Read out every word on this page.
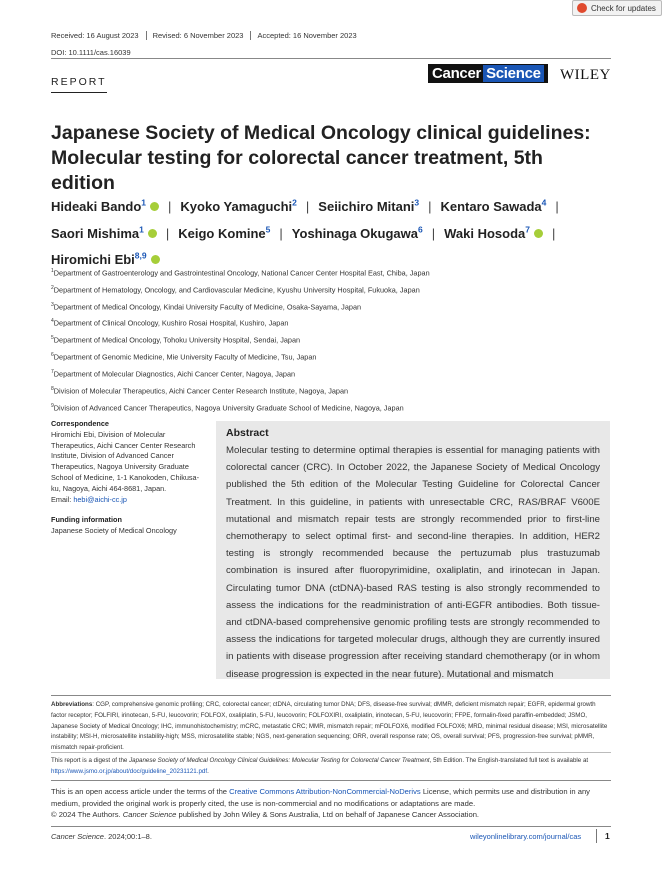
Check for updates
Received: 16 August 2023	Revised: 6 November 2023	Accepted: 16 November 2023
DOI: 10.1111/cas.16039
REPORT	Cancer Science	WILEY
Japanese Society of Medical Oncology clinical guidelines: Molecular testing for colorectal cancer treatment, 5th edition
Hideaki Bando$^1$ | Kyoko Yamaguchi$^2$ | Seiichiro Mitani$^3$ | Kentaro Sawada$^4$ |
Saori Mishima$^1$ | Keigo Komine$^5$ | Yoshinaga Okugawa$^6$ | Waki Hosoda$^7$ |
Hiromichi Ebi$^{8,9}$
$^1$Department of Gastroenterology and Gastrointestinal Oncology, National Cancer Center Hospital East, Chiba, Japan
$^2$Department of Hematology, Oncology, and Cardiovascular Medicine, Kyushu University Hospital, Fukuoka, Japan
$^3$Department of Medical Oncology, Kindai University Faculty of Medicine, Osaka-Sayama, Japan
$^4$Department of Clinical Oncology, Kushiro Rosai Hospital, Kushiro, Japan
$^5$Department of Medical Oncology, Tohoku University Hospital, Sendai, Japan
$^6$Department of Genomic Medicine, Mie University Faculty of Medicine, Tsu, Japan
$^7$Department of Molecular Diagnostics, Aichi Cancer Center, Nagoya, Japan
$^8$Division of Molecular Therapeutics, Aichi Cancer Center Research Institute, Nagoya, Japan
$^9$Division of Advanced Cancer Therapeutics, Nagoya University Graduate School of Medicine, Nagoya, Japan
Correspondence
Hiromichi Ebi, Division of Molecular Therapeutics, Aichi Cancer Center Research Institute, Division of Advanced Cancer Therapeutics, Nagoya University Graduate School of Medicine, 1-1 Kanokoden, Chikusa-ku, Nagoya, Aichi 464-8681, Japan.
Email: hebi@aichi-cc.jp
Funding information
Japanese Society of Medical Oncology
Abstract
Molecular testing to determine optimal therapies is essential for managing patients with colorectal cancer (CRC). In October 2022, the Japanese Society of Medical Oncology published the 5th edition of the Molecular Testing Guideline for Colorectal Cancer Treatment. In this guideline, in patients with unresectable CRC, RAS/BRAF V600E mutational and mismatch repair tests are strongly recommended prior to first-line chemotherapy to select optimal first- and second-line therapies. In addition, HER2 testing is strongly recommended because the pertuzumab plus trastuzumab combination is insured after fluoropyrimidine, oxaliplatin, and irinotecan in Japan. Circulating tumor DNA (ctDNA)-based RAS testing is also strongly recommended to assess the indications for the readministration of anti-EGFR antibodies. Both tissue- and ctDNA-based comprehensive genomic profiling tests are strongly recommended to assess the indications for targeted molecular drugs, although they are currently insured in patients with disease progression after receiving standard chemotherapy (or in whom disease progression is expected in the near future). Mutational and mismatch
Abbreviations: CGP, comprehensive genomic profiling; CRC, colorectal cancer; ctDNA, circulating tumor DNA; DFS, disease-free survival; dMMR, deficient mismatch repair; EGFR, epidermal growth factor receptor; FOLFIRI, irinotecan, 5-FU, leucovorin; FOLFOX, oxaliplatin, 5-FU, leucovorin; FOLFOXIRI, oxaliplatin, irinotecan, 5-FU, leucovorin; FFPE, formalin-fixed paraffin-embedded; JSMO, Japanese Society of Medical Oncology; IHC, immunohistochemistry; mCRC, metastatic CRC; MMR, mismatch repair; mFOLFOX6, modified FOLFOX6; MRD, minimal residual disease; MSI, microsatellite instability; MSI-H, microsatellite instability-high; MSS, microsatellite stable; NGS, next-generation sequencing; ORR, overall response rate; OS, overall survival; PFS, progression-free survival; pMMR, mismatch repair-proficient.
This report is a digest of the Japanese Society of Medical Oncology Clinical Guidelines: Molecular Testing for Colorectal Cancer Treatment, 5th Edition. The English-translated full text is available at https://www.jsmo.or.jp/about/doc/guideline_20231121.pdf.
This is an open access article under the terms of the Creative Commons Attribution-NonCommercial-NoDerivs License, which permits use and distribution in any medium, provided the original work is properly cited, the use is non-commercial and no modifications or adaptations are made.
© 2024 The Authors. Cancer Science published by John Wiley & Sons Australia, Ltd on behalf of Japanese Cancer Association.
Cancer Science. 2024;00:1–8.	wileyonlinelibrary.com/journal/cas	1
